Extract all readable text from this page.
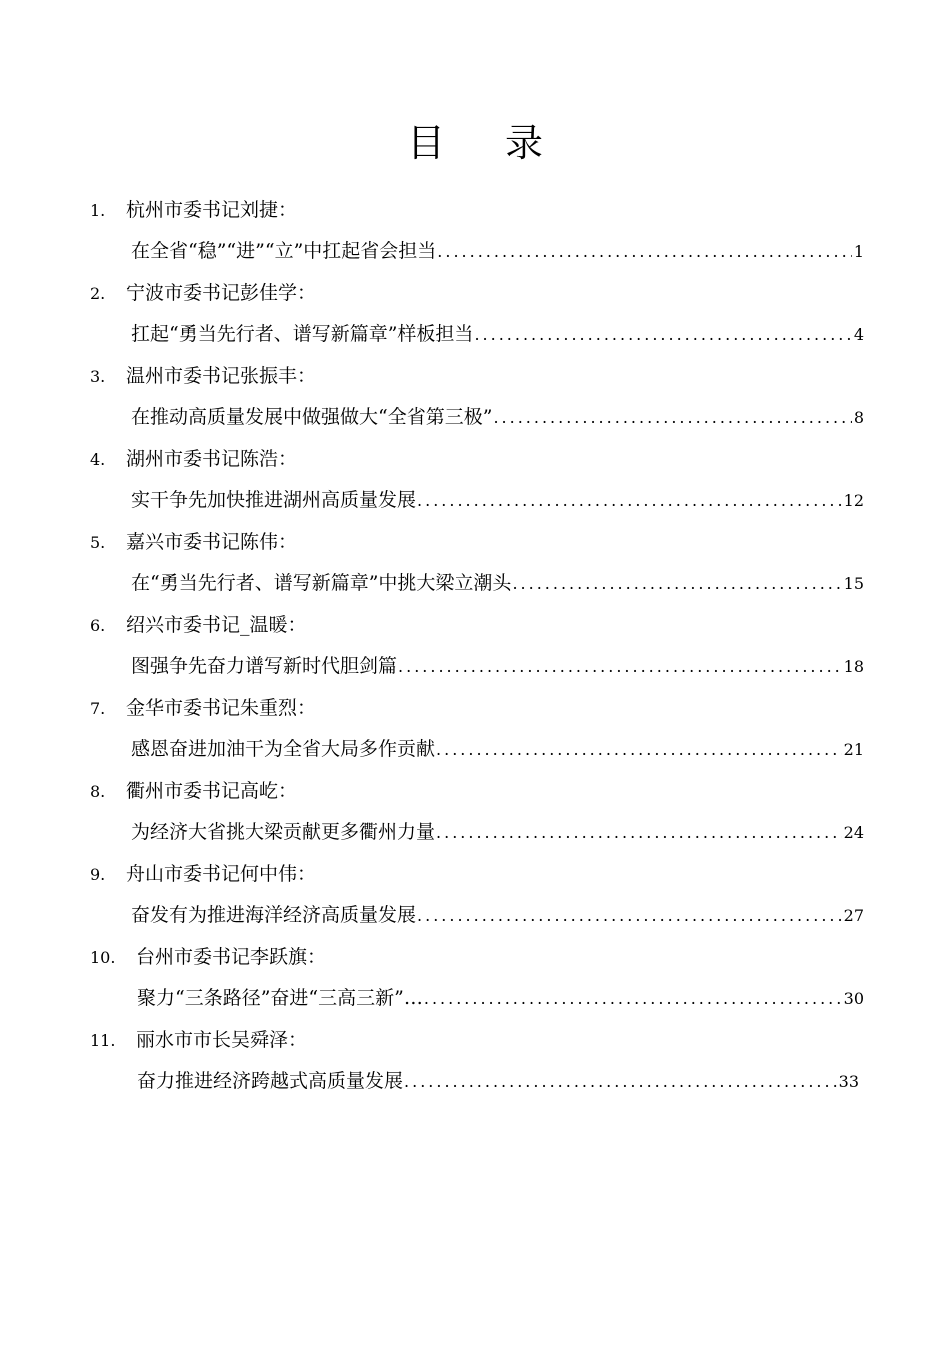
目 录
1. 杭州市委书记刘捷：
在全省“稳”“进”“立”中扛起省会担当 .....	1
2. 宁波市委书记彭佳学：
扛起“勇当先行者、谱写新篇章”样板担当 .....	4
3. 温州市委书记张振丰：
在推动高质量发展中做强做大“全省第三极” .....	8
4. 湖州市委书记陈浩：
实干争先加快推进湖州高质量发展 .....	12
5. 嘉兴市委书记陈伟：
在“勇当先行者、谱写新篇章”中挑大梁立潮头 .....	15
6. 绍兴市委书记_温暖：
图强争先奋力谱写新时代胆剑篇 .....	18
7. 金华市委书记朱重烈：
感恩奋进加油干为全省大局多作贡献 .....	21
8. 衢州市委书记高屹：
为经济大省挑大梁贡献更多衢州力量 .....	24
9. 舟山市委书记何中伟：
奋发有为推进海洋经济高质量发展 .....	27
10. 台州市委书记李跃旗：
聚力“三条路径”奋进“三高三新”… .....	30
11. 丽水市市长吴舜泽：
奋力推进经济跨越式高质量发展 .....	33
